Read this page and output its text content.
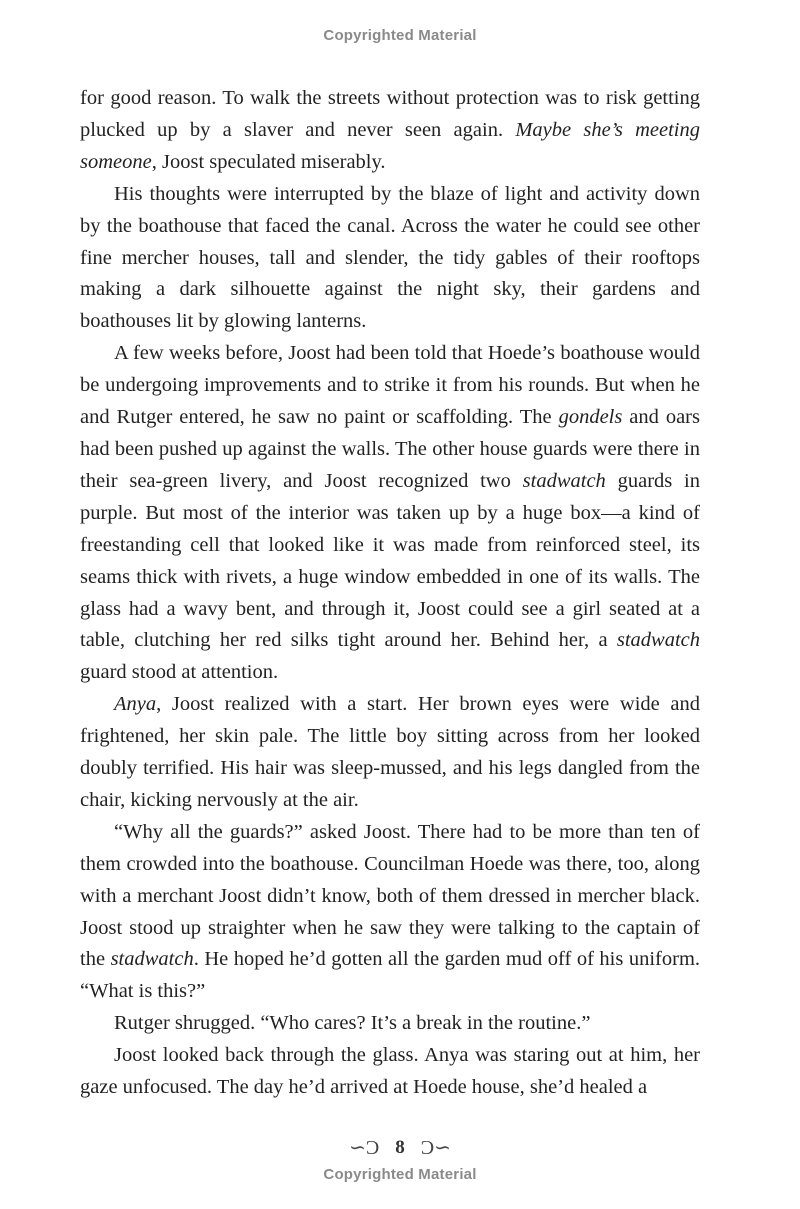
Copyrighted Material

for good reason. To walk the streets without protection was to risk getting plucked up by a slaver and never seen again. Maybe she’s meeting someone, Joost speculated miserably.

His thoughts were interrupted by the blaze of light and activity down by the boathouse that faced the canal. Across the water he could see other fine mercher houses, tall and slender, the tidy gables of their rooftops making a dark silhouette against the night sky, their gardens and boathouses lit by glowing lanterns.

A few weeks before, Joost had been told that Hoede’s boathouse would be undergoing improvements and to strike it from his rounds. But when he and Rutger entered, he saw no paint or scaffolding. The gondels and oars had been pushed up against the walls. The other house guards were there in their sea-green livery, and Joost recognized two stadwatch guards in purple. But most of the interior was taken up by a huge box—a kind of freestanding cell that looked like it was made from reinforced steel, its seams thick with rivets, a huge window embedded in one of its walls. The glass had a wavy bent, and through it, Joost could see a girl seated at a table, clutching her red silks tight around her. Behind her, a stadwatch guard stood at attention.

Anya, Joost realized with a start. Her brown eyes were wide and frightened, her skin pale. The little boy sitting across from her looked doubly terrified. His hair was sleep-mussed, and his legs dangled from the chair, kicking nervously at the air.

“Why all the guards?” asked Joost. There had to be more than ten of them crowded into the boathouse. Councilman Hoede was there, too, along with a merchant Joost didn’t know, both of them dressed in mercher black. Joost stood up straighter when he saw they were talking to the captain of the stadwatch. He hoped he’d gotten all the garden mud off of his uniform. “What is this?”

Rutger shrugged. “Who cares? It’s a break in the routine.”

Joost looked back through the glass. Anya was staring out at him, her gaze unfocused. The day he’d arrived at Hoede house, she’d healed a

∽Ɔ 8 Ɔ∽
Copyrighted Material
